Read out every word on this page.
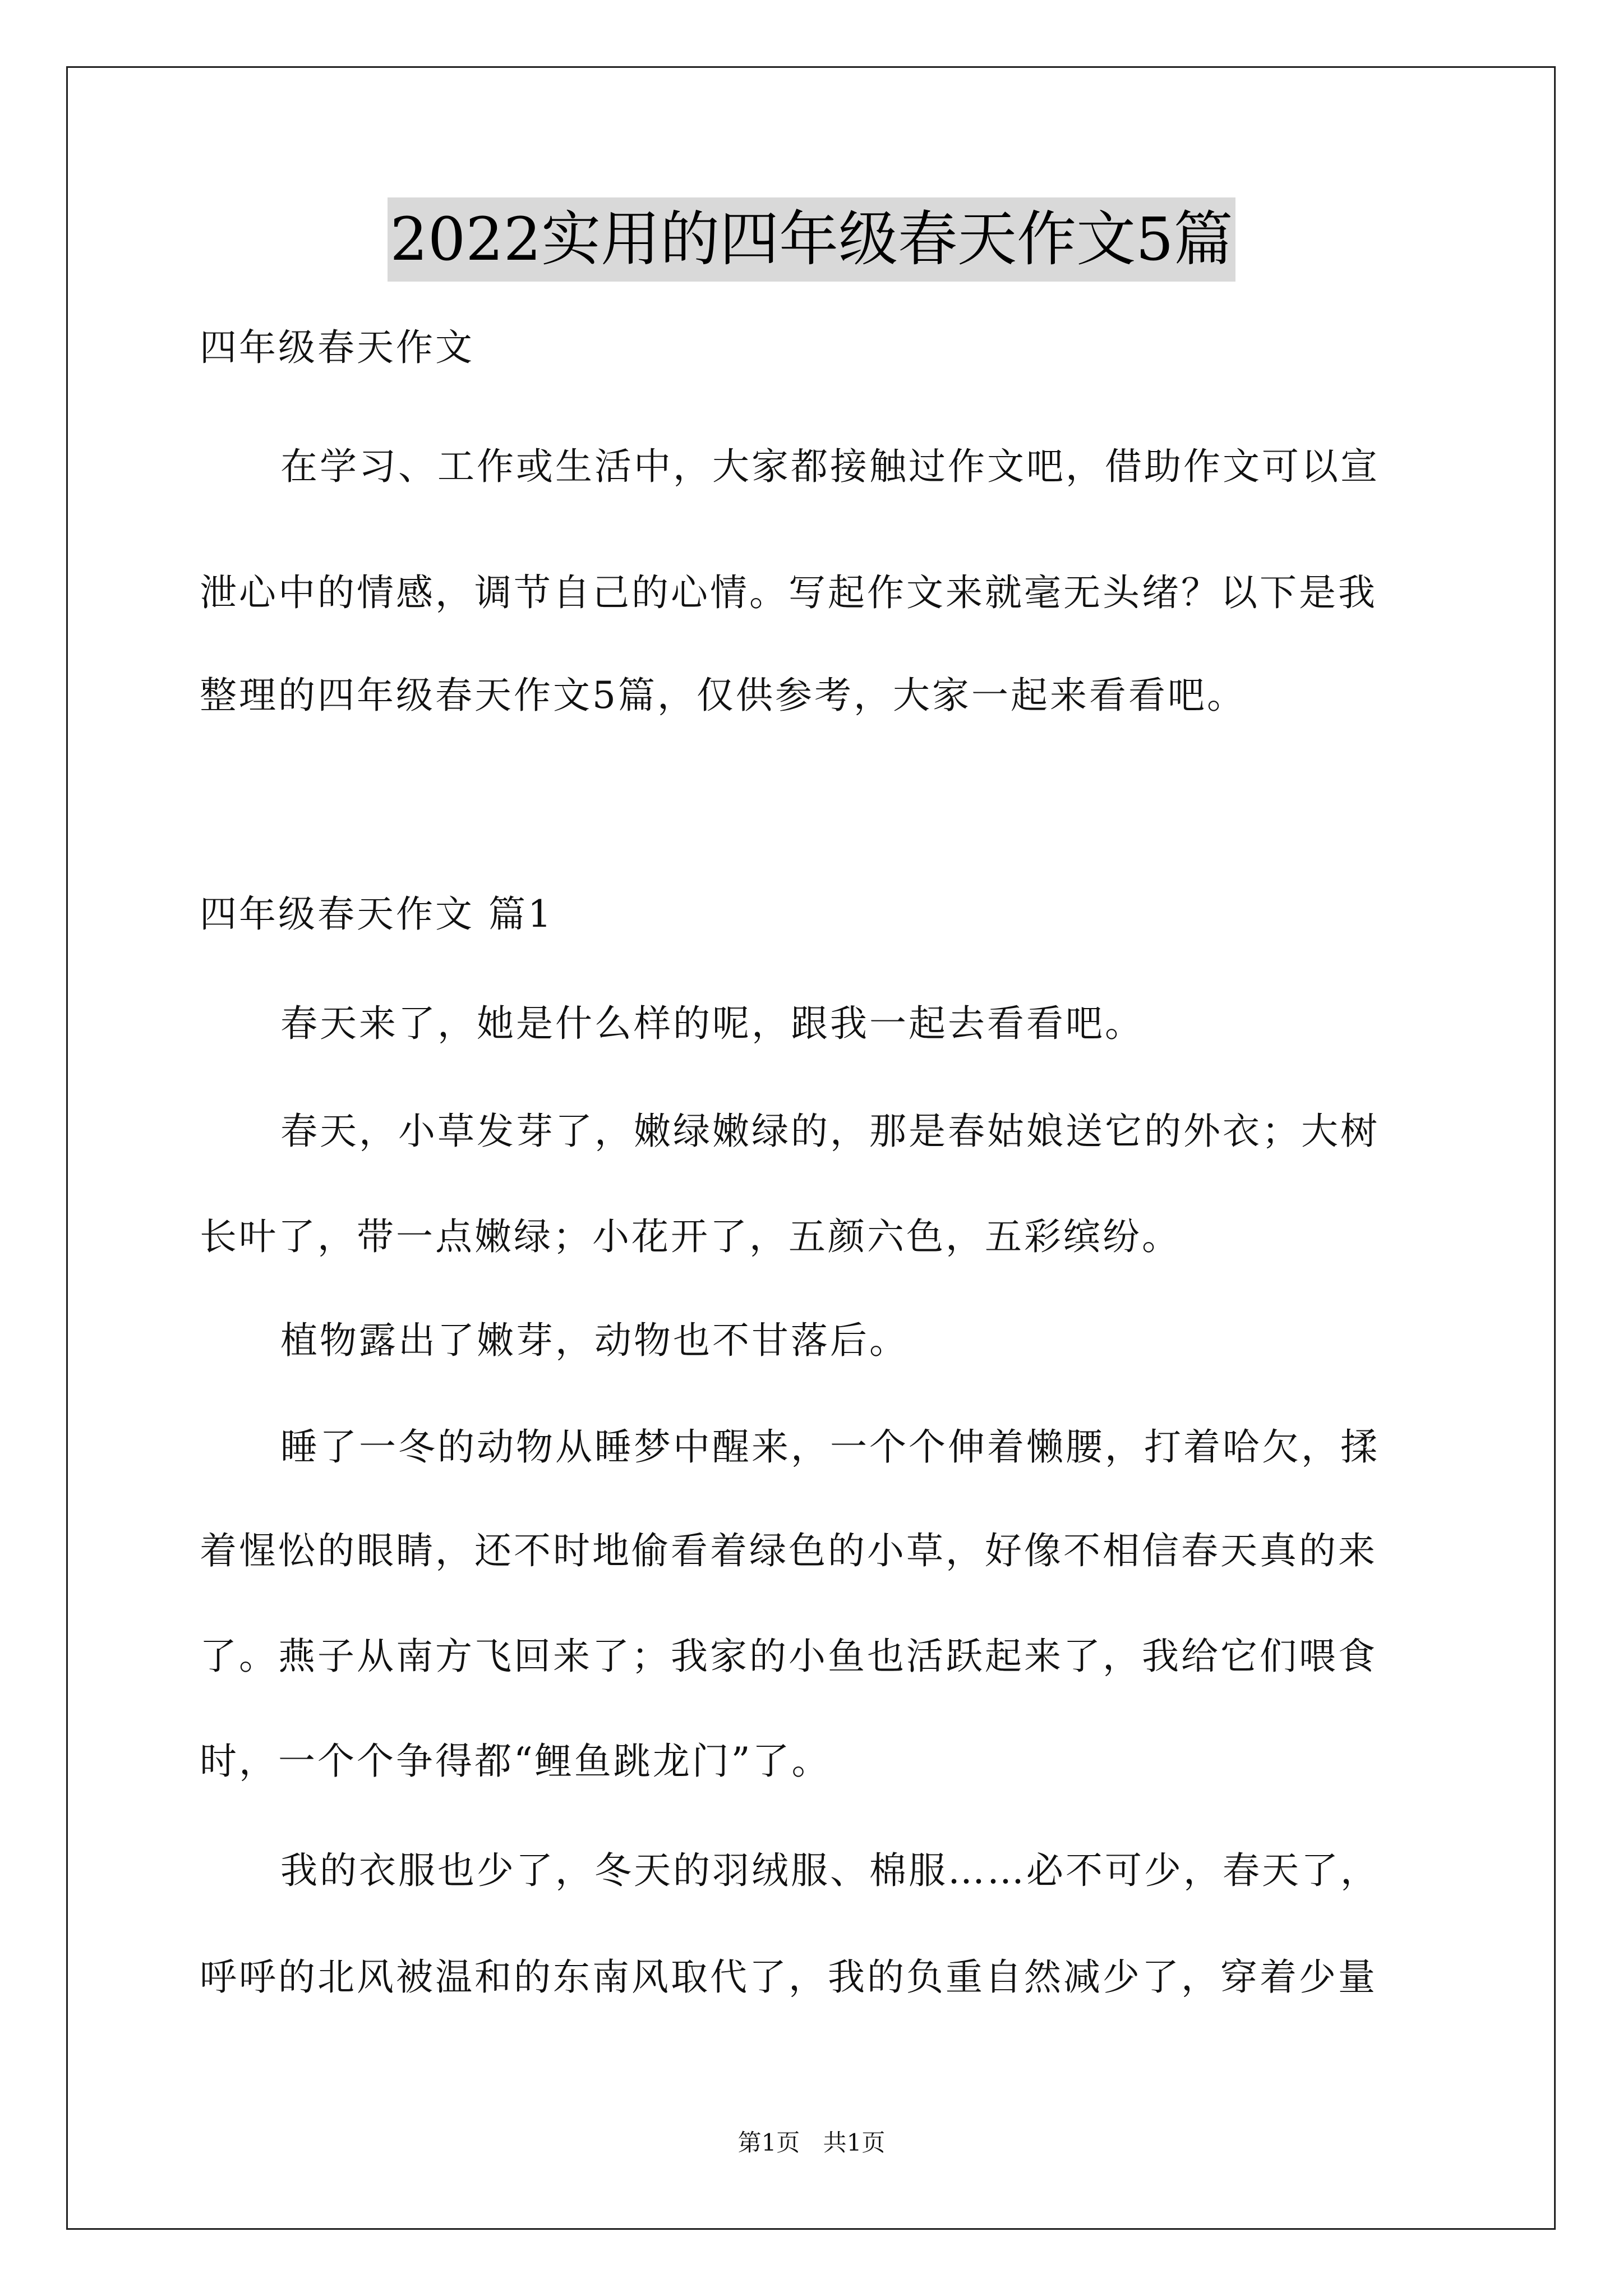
2022实用的四年级春天作文5篇
四年级春天作文
在学习、工作或生活中，大家都接触过作文吧，借助作文可以宣
泄心中的情感，调节自己的心情。写起作文来就毫无头绪？以下是我
整理的四年级春天作文5篇，仅供参考，大家一起来看看吧。
四年级春天作文 篇1
春天来了，她是什么样的呢，跟我一起去看看吧。
春天，小草发芽了，嫩绿嫩绿的，那是春姑娘送它的外衣；大树
长叶了，带一点嫩绿；小花开了，五颜六色，五彩缤纷。
植物露出了嫩芽，动物也不甘落后。
睡了一冬的动物从睡梦中醒来，一个个伸着懒腰，打着哈欠，揉
着惺忪的眼睛，还不时地偷看着绿色的小草，好像不相信春天真的来
了。燕子从南方飞回来了；我家的小鱼也活跃起来了，我给它们喂食
时，一个个争得都“鲤鱼跳龙门”了。
我的衣服也少了，冬天的羽绒服、棉服……必不可少，春天了，
呼呼的北风被温和的东南风取代了，我的负重自然减少了，穿着少量
第1页 共1页
